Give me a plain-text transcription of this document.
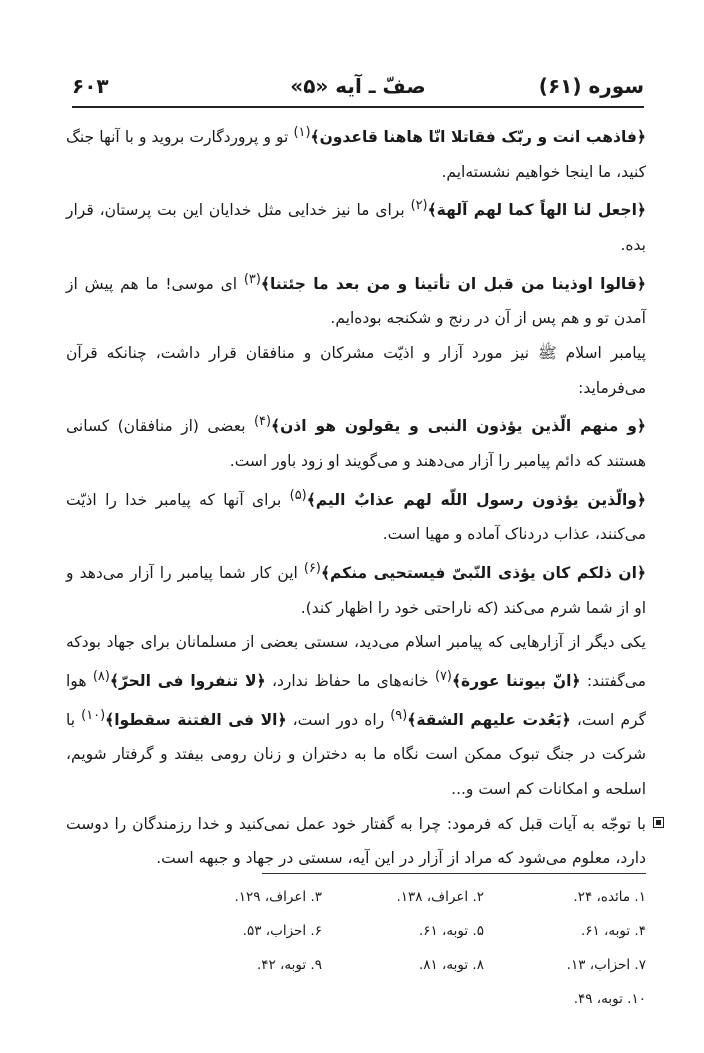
سوره (۶۱)
صفّ ـ آیه «۵»
۶۰۳

﴿فاذهب انت و ربّک فقاتلا انّا هاهنا قاعدون﴾$^{(۱)}$ تو و پروردگارت بروید و با آنها جنگ کنید، ما اینجا خواهیم نشسته‌ایم.

﴿اجعل لنا الهاً کما لهم آلهة﴾$^{(۲)}$ برای ما نیز خدایی مثل خدایان این بت پرستان، قرار بده.

﴿قالوا اوذینا من قبل ان تأتینا و من بعد ما جئتنا﴾$^{(۳)}$ ای موسی! ما هم پیش از آمدن تو و هم پس از آن در رنج و شکنجه بوده‌ایم.

پیامبر اسلام ﷺ نیز مورد آزار و اذیّت مشرکان و منافقان قرار داشت، چنانکه قرآن می‌فرماید:

﴿و منهم الّذین یؤذون النبی و یقولون هو اذن﴾$^{(۴)}$ بعضی (از منافقان) کسانی هستند که دائم پیامبر را آزار می‌دهند و می‌گویند او زود باور است.

﴿والّذین یؤذون رسول اللّه لهم عذابٌ الیم﴾$^{(۵)}$ برای آنها که پیامبر خدا را اذیّت می‌کنند، عذاب دردناک آماده و مهیا است.

﴿ان ذلکم کان یؤذی النّبیّ فیستحیی منکم﴾$^{(۶)}$ این کار شما پیامبر را آزار می‌دهد و او از شما شرم می‌کند (که ناراحتی خود را اظهار کند).

یکی دیگر از آزارهایی که پیامبر اسلام می‌دید، سستی بعضی از مسلمانان برای جهاد بودکه می‌گفتند: ﴿انّ بیوتنا عورة﴾$^{(۷)}$ خانه‌های ما حفاظ ندارد، ﴿لا تنفروا فی الحرّ﴾$^{(۸)}$ هوا گرم است، ﴿بَعُدت علیهم الشقة﴾$^{(۹)}$ راه دور است، ﴿الا فی الفتنة سقطوا﴾$^{(۱۰)}$ با شرکت در جنگ تبوک ممکن است نگاه ما به دختران و زنان رومی بیفتد و گرفتار شویم، اسلحه و امکانات کم است و...

با توجّه به آیات قبل که فرمود: چرا به گفتار خود عمل نمی‌کنید و خدا رزمندگان را دوست دارد، معلوم می‌شود که مراد از آزار در این آیه، سستی در جهاد و جبهه است.

۱. مائده، ۲۴.
۲. اعراف، ۱۳۸.
۳. اعراف، ۱۲۹.
۴. توبه، ۶۱.
۵. توبه، ۶۱.
۶. احزاب، ۵۳.
۷. احزاب، ۱۳.
۸. توبه، ۸۱.
۹. توبه، ۴۲.
۱۰. توبه، ۴۹.
